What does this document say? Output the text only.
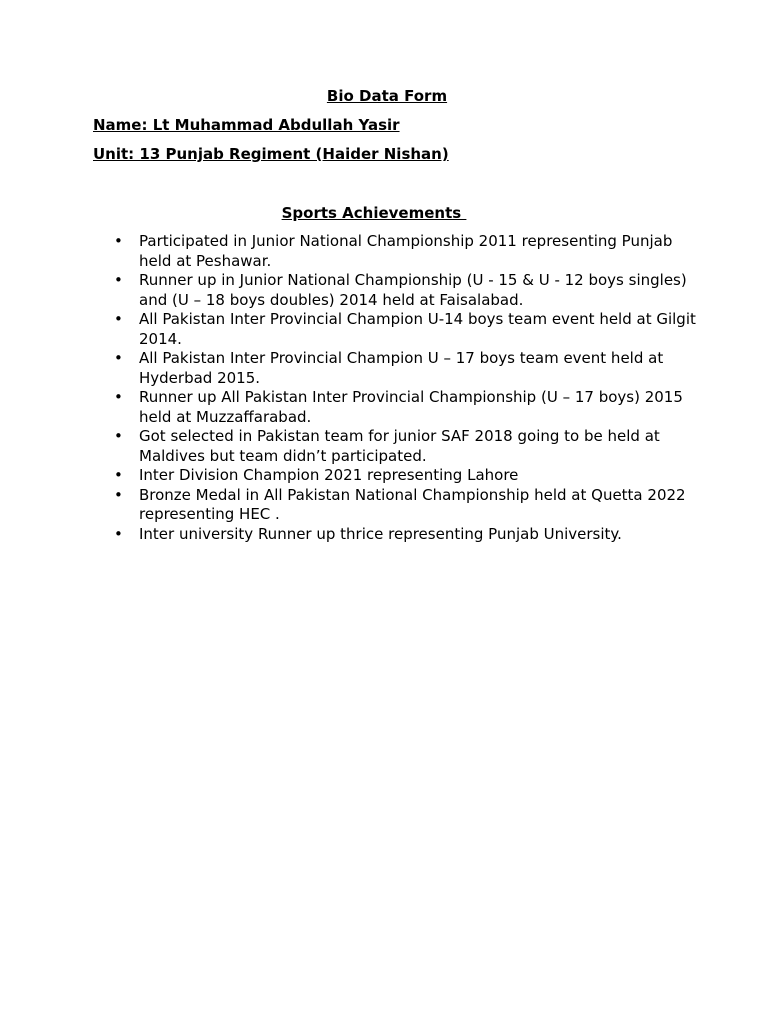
Bio Data Form
Name: Lt Muhammad Abdullah Yasir
Unit: 13 Punjab Regiment (Haider Nishan)
Sports Achievements
• Participated in Junior National Championship 2011 representing Punjab held at Peshawar.
• Runner up in Junior National Championship (U - 15 & U - 12 boys singles) and (U – 18 boys doubles) 2014 held at Faisalabad.
• All Pakistan Inter Provincial Champion U-14 boys team event held at Gilgit 2014.
• All Pakistan Inter Provincial Champion U – 17 boys team event held at Hyderbad 2015.
• Runner up All Pakistan Inter Provincial Championship (U – 17 boys) 2015 held at Muzzaffarabad.
• Got selected in Pakistan team for junior SAF 2018 going to be held at Maldives but team didn’t participated.
• Inter Division Champion 2021 representing Lahore
• Bronze Medal in All Pakistan National Championship held at Quetta 2022 representing HEC .
• Inter university Runner up thrice representing Punjab University.
